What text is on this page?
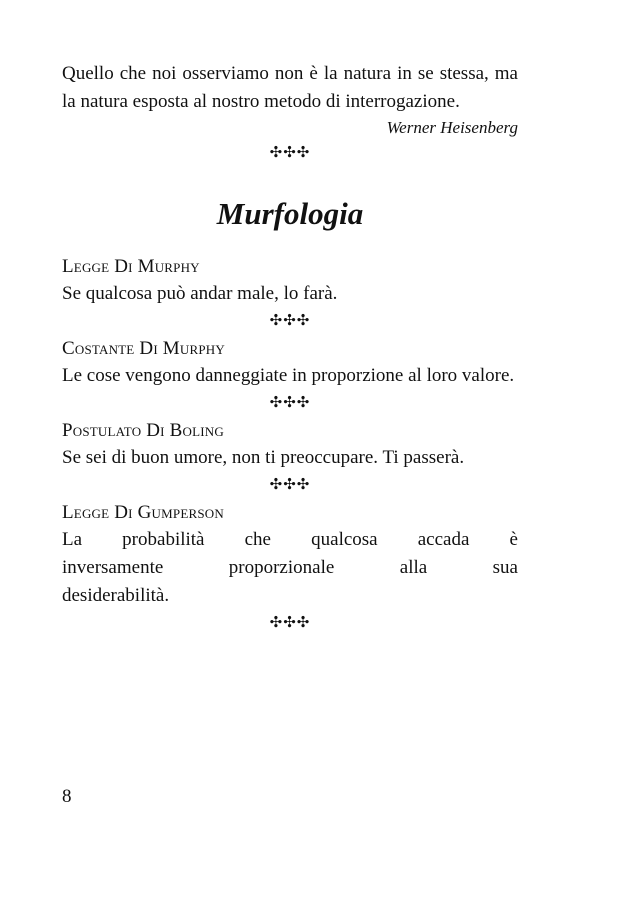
Quello che noi osserviamo non è la natura in se stessa, ma la natura esposta al nostro metodo di interrogazione.

Werner Heisenberg

✣✣✣

Murfologia

Legge Di Murphy

Se qualcosa può andar male, lo farà.

✣✣✣

Costante Di Murphy

Le cose vengono danneggiate in proporzione al loro valore.

✣✣✣

Postulato Di Boling

Se sei di buon umore, non ti preoccupare. Ti passerà.

✣✣✣

Legge Di Gumperson

La probabilità che qualcosa accada è

inversamente proporzionale alla sua

desiderabilità.

✣✣✣

8
